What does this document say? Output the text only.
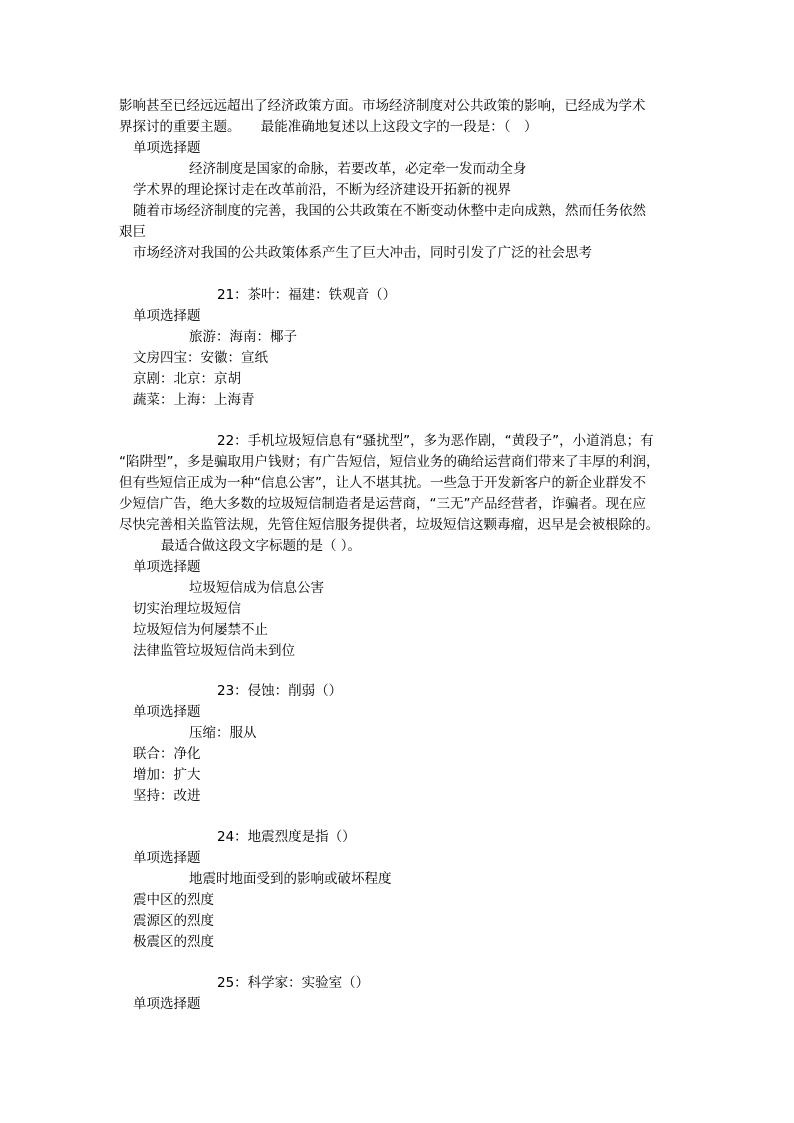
影响甚至已经远远超出了经济政策方面。市场经济制度对公共政策的影响，已经成为学术
界探讨的重要主题。　　最能准确地复述以上这段文字的一段是：（　）
单项选择题
经济制度是国家的命脉，若要改革，必定牵一发而动全身
学术界的理论探讨走在改革前沿，不断为经济建设开拓新的视界
随着市场经济制度的完善，我国的公共政策在不断变动休整中走向成熟，然而任务依然
艰巨
市场经济对我国的公共政策体系产生了巨大冲击，同时引发了广泛的社会思考
21：茶叶：福建：铁观音（）
单项选择题
旅游：海南：椰子
文房四宝：安徽：宣纸
京剧：北京：京胡
蔬菜：上海：上海青
22：手机垃圾短信息有“骚扰型”，多为恶作剧，“黄段子”，小道消息；有
“陷阱型”，多是骗取用户钱财；有广告短信，短信业务的确给运营商们带来了丰厚的利润，
但有些短信正成为一种“信息公害”，让人不堪其扰。一些急于开发新客户的新企业群发不
少短信广告，绝大多数的垃圾短信制造者是运营商，“三无”产品经营者，诈骗者。现在应
尽快完善相关监管法规，先管住短信服务提供者，垃圾短信这颗毒瘤，迟早是会被根除的。
最适合做这段文字标题的是（ ）。
单项选择题
垃圾短信成为信息公害
切实治理垃圾短信
垃圾短信为何屡禁不止
法律监管垃圾短信尚未到位
23：侵蚀：削弱（）
单项选择题
压缩：服从
联合：净化
增加：扩大
坚持：改进
24：地震烈度是指（）
单项选择题
地震时地面受到的影响或破坏程度
震中区的烈度
震源区的烈度
极震区的烈度
25：科学家：实验室（）
单项选择题
